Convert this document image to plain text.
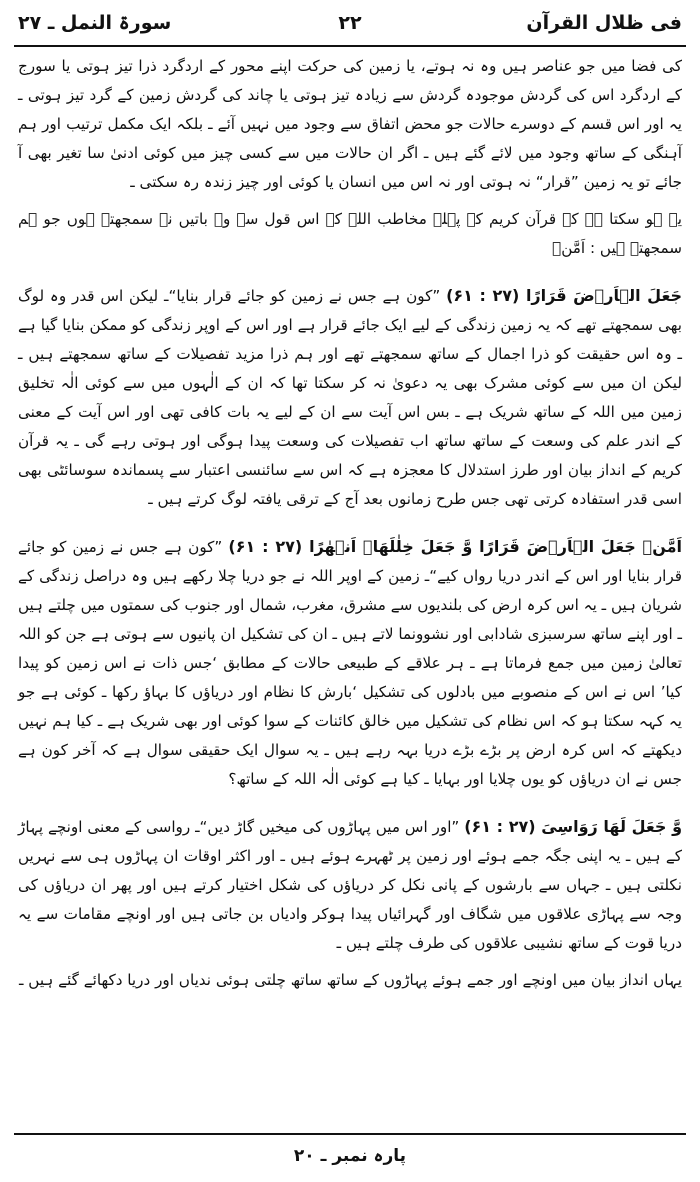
فی ظلال القرآن
۲۲
سورۃ النمل ـ ۲۷

کی فضا میں جو عناصر ہیں وہ نہ ہوتے، یا زمین کی حرکت اپنے محور کے اردگرد ذرا تیز ہوتی یا سورج کے اردگرد اس کی گردش موجودہ گردش سے زیادہ تیز ہوتی یا چاند کی گردش زمین کے گرد تیز ہوتی ـ یہ اور اس قسم کے دوسرے حالات جو محض اتفاق سے وجود میں نہیں آئے ـ بلکہ ایک مکمل ترتیب اور ہم آہنگی کے ساتھ وجود میں لائے گئے ہیں ـ اگر ان حالات میں سے کسی چیز میں کوئی ادنیٰ سا تغیر بھی آ جائے تو یہ زمین ”قرار“ نہ ہوتی اور نہ اس میں انسان یا کوئی اور چیز زندہ رہ سکتی ـ

یہ ہو سکتا ہے کہ قرآن کریم کے پہلے مخاطب اللہ کے اس قول سے وہ باتیں نہ سمجھتے ہوں جو ہم سمجھتے ہیں : اَمَّنۡ

جَعَلَ الۡاَرۡضَ قَرَارًا (۲۷ : ۶۱) ”کون ہے جس نے زمین کو جائے قرار بنایا“ـ لیکن اس قدر وہ لوگ بھی سمجھتے تھے کہ یہ زمین زندگی کے لیے ایک جائے قرار ہے اور اس کے اوپر زندگی کو ممکن بنایا گیا ہے ـ وہ اس حقیقت کو ذرا اجمال کے ساتھ سمجھتے تھے اور ہم ذرا مزید تفصیلات کے ساتھ سمجھتے ہیں ـ لیکن ان میں سے کوئی مشرک بھی یہ دعویٰ نہ کر سکتا تھا کہ ان کے الٰہوں میں سے کوئی الٰہ تخلیق زمین میں اللہ کے ساتھ شریک ہے ـ بس اس آیت سے ان کے لیے یہ بات کافی تھی اور اس آیت کے معنی کے اندر علم کی وسعت کے ساتھ ساتھ اب تفصیلات کی وسعت پیدا ہوگی اور ہوتی رہے گی ـ یہ قرآن کریم کے انداز بیان اور طرز استدلال کا معجزہ ہے کہ اس سے سائنسی اعتبار سے پسماندہ سوسائٹی بھی اسی قدر استفادہ کرتی تھی جس طرح زمانوں بعد آج کے ترقی یافتہ لوگ کرتے ہیں ـ

اَمَّنۡ جَعَلَ الۡاَرۡضَ قَرَارًا وَّ جَعَلَ خِلٰلَهَاۤ اَنۡهٰرًا (۲۷ : ۶۱) ”کون ہے جس نے زمین کو جائے قرار بنایا اور اس کے اندر دریا رواں کیے“ـ زمین کے اوپر اللہ نے جو دریا چلا رکھے ہیں وہ دراصل زندگی کے شریان ہیں ـ یہ اس کرہ ارض کی بلندیوں سے مشرق، مغرب، شمال اور جنوب کی سمتوں میں چلتے ہیں ـ اور اپنے ساتھ سرسبزی شادابی اور نشوونما لاتے ہیں ـ ان کی تشکیل ان پانیوں سے ہوتی ہے جن کو اللہ تعالیٰ زمین میں جمع فرماتا ہے ـ ہر علاقے کے طبیعی حالات کے مطابق ‘جس ذات نے اس زمین کو پیدا کیا’ اس نے اس کے منصوبے میں بادلوں کی تشکیل ‘بارش کا نظام اور دریاؤں کا بہاؤ رکھا ـ کوئی ہے جو یہ کہہ سکتا ہو کہ اس نظام کی تشکیل میں خالق کائنات کے سوا کوئی اور بھی شریک ہے ـ کیا ہم نہیں دیکھتے کہ اس کرہ ارض پر بڑے بڑے دریا بہہ رہے ہیں ـ یہ سوال ایک حقیقی سوال ہے کہ آخر کون ہے جس نے ان دریاؤں کو یوں چلایا اور بہایا ـ کیا ہے کوئی الٰہ اللہ کے ساتھ؟

وَّ جَعَلَ لَهَا رَوَاسِیَ (۲۷ : ۶۱) ”اور اس میں پہاڑوں کی میخیں گاڑ دیں“ـ رواسی کے معنی اونچے پہاڑ کے ہیں ـ یہ اپنی جگہ جمے ہوئے اور زمین پر ٹھہرے ہوئے ہیں ـ اور اکثر اوقات ان پہاڑوں ہی سے نہریں نکلتی ہیں ـ جہاں سے بارشوں کے پانی نکل کر دریاؤں کی شکل اختیار کرتے ہیں اور پھر ان دریاؤں کی وجہ سے پہاڑی علاقوں میں شگاف اور گہرائیاں پیدا ہوکر وادیاں بن جاتی ہیں اور اونچے مقامات سے یہ دریا قوت کے ساتھ نشیبی علاقوں کی طرف چلتے ہیں ـ

یہاں انداز بیان میں اونچے اور جمے ہوئے پہاڑوں کے ساتھ ساتھ چلتی ہوئی ندیاں اور دریا دکھائے گئے ہیں ـ

پارہ نمبر ـ ۲۰
